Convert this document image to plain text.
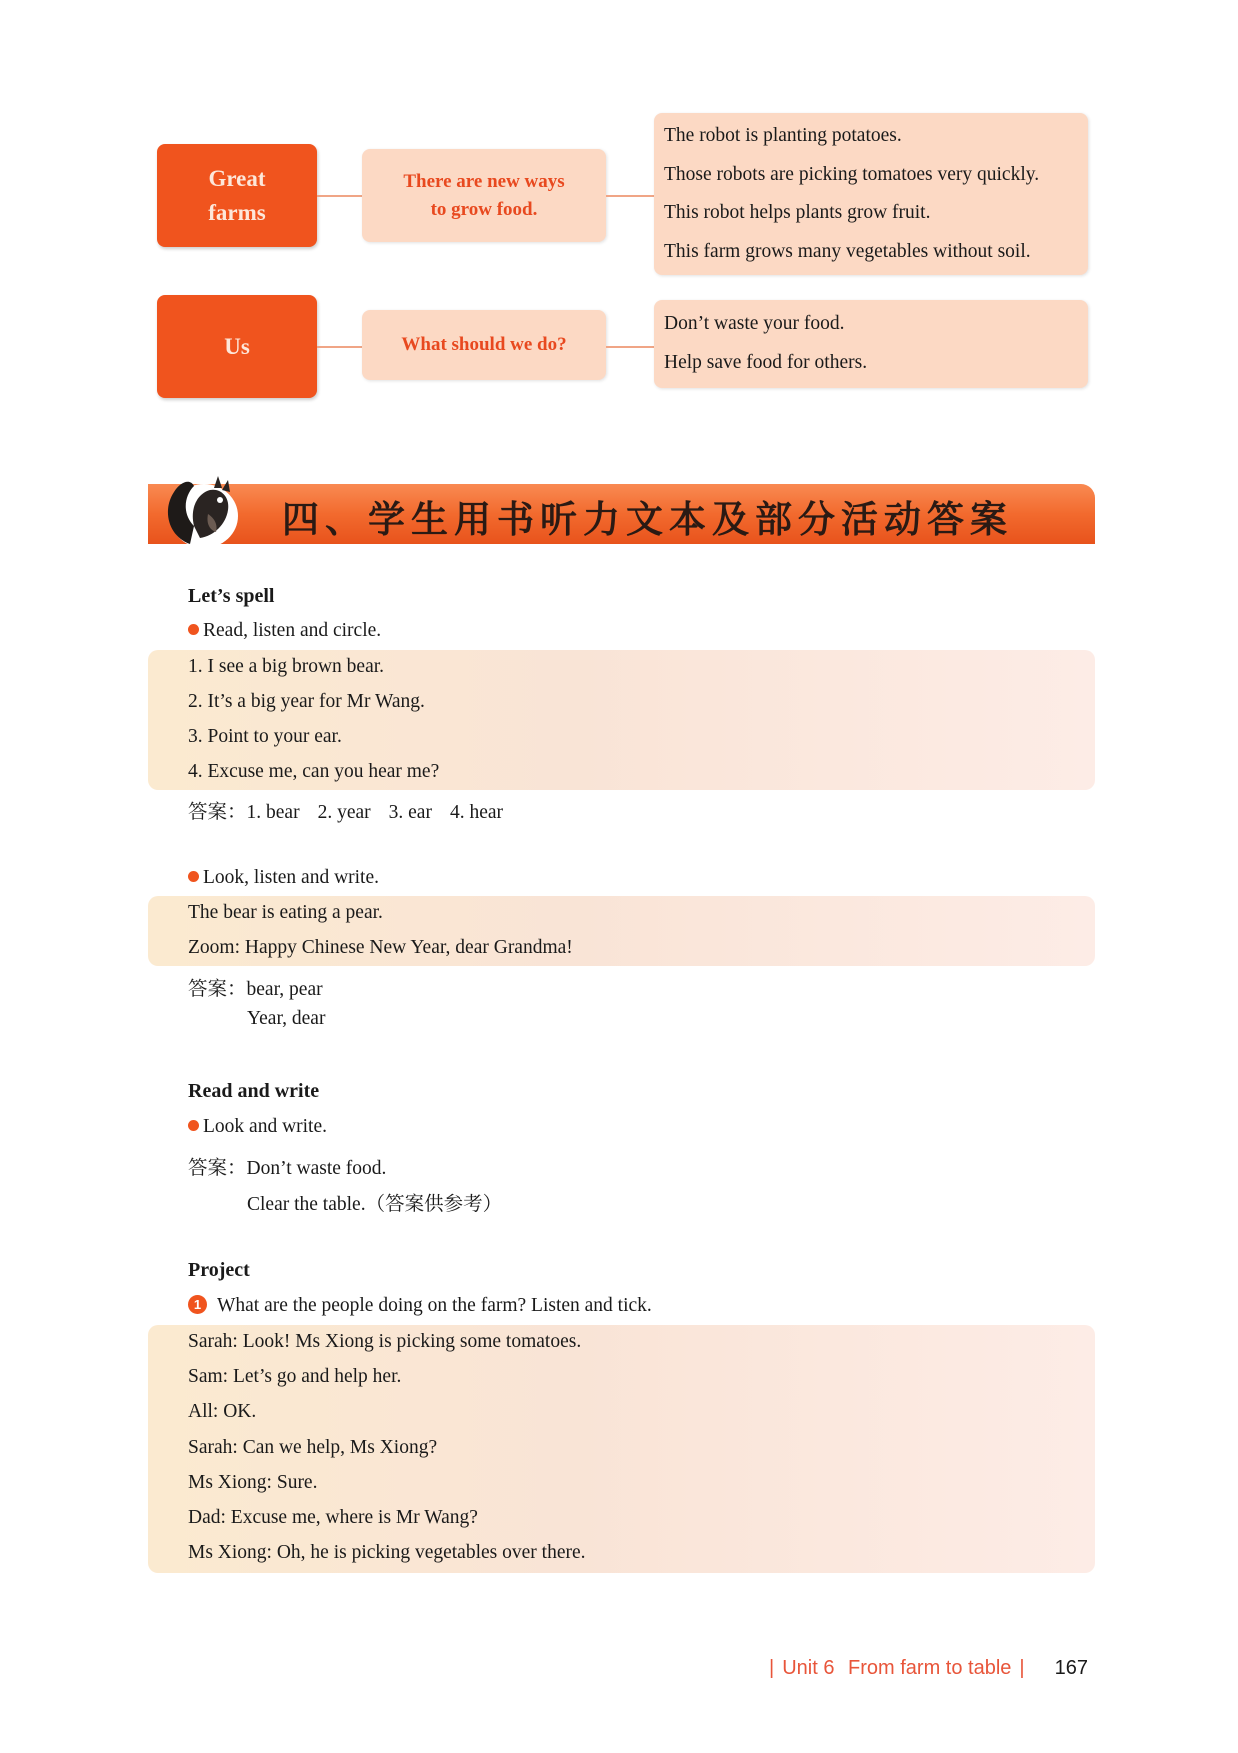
Great
farms
There are new ways
to grow food.
The robot is planting potatoes.
Those robots are picking tomatoes very quickly.
This robot helps plants grow fruit.
This farm grows many vegetables without soil.
Us	What should we do?
Don’t waste your food.
Help save food for others.
四、学生用书听力文本及部分活动答案
Let’s spell
Read, listen and circle.
1. I see a big brown bear.
2. It’s a big year for Mr Wang.
3. Point to your ear.
4. Excuse me, can you hear me?
答案：1. bear 2. year 3. ear 4. hear
Look, listen and write.
The bear is eating a pear.
Zoom: Happy Chinese New Year, dear Grandma!
答案：bear, pear
Year, dear
Read and write
Look and write.
答案：Don’t waste food.
Clear the table.（答案供参考）
Project
1 What are the people doing on the farm? Listen and tick.
Sarah: Look! Ms Xiong is picking some tomatoes.
Sam: Let’s go and help her.
All: OK.
Sarah: Can we help, Ms Xiong?
Ms Xiong: Sure.
Dad: Excuse me, where is Mr Wang?
Ms Xiong: Oh, he is picking vegetables over there.
| Unit 6 From farm to table | 167
